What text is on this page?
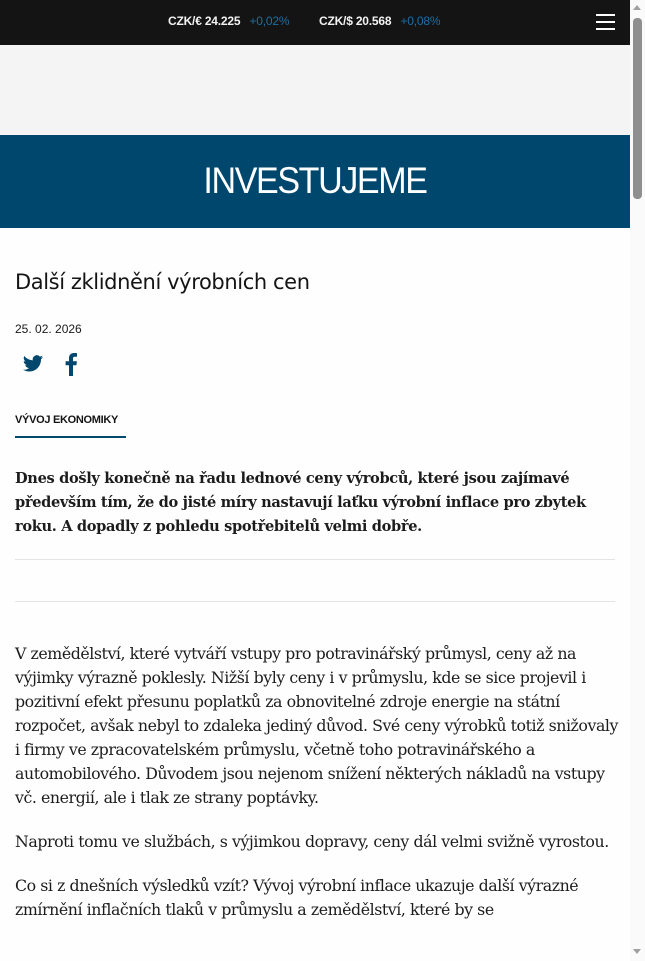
CZK/€ 24.225 +0,02% CZK/$ 20.568 +0,08%
INVESTUJEME
Další zklidnění výrobních cen
25. 02. 2026
VÝVOJ EKONOMIKY

Dnes došly konečně na řadu lednové ceny výrobců, které jsou zajímavé především tím, že do jisté míry nastavují laťku výrobní inflace pro zbytek roku. A dopadly z pohledu spotřebitelů velmi dobře.

V zemědělství, které vytváří vstupy pro potravinářský průmysl, ceny až na výjimky výrazně poklesly. Nižší byly ceny i v průmyslu, kde se sice projevil i pozitivní efekt přesunu poplatků za obnovitelné zdroje energie na státní rozpočet, avšak nebyl to zdaleka jediný důvod. Své ceny výrobků totiž snižovaly i firmy ve zpracovatelském průmyslu, včetně toho potravinářského a automobilového. Důvodem jsou nejenom snížení některých nákladů na vstupy vč. energií, ale i tlak ze strany poptávky.

Naproti tomu ve službách, s výjimkou dopravy, ceny dál velmi svižně vyrostou.

Co si z dnešních výsledků vzít? Vývoj výrobní inflace ukazuje další výrazné zmírnění inflačních tlaků v průmyslu a zemědělství, které by se
